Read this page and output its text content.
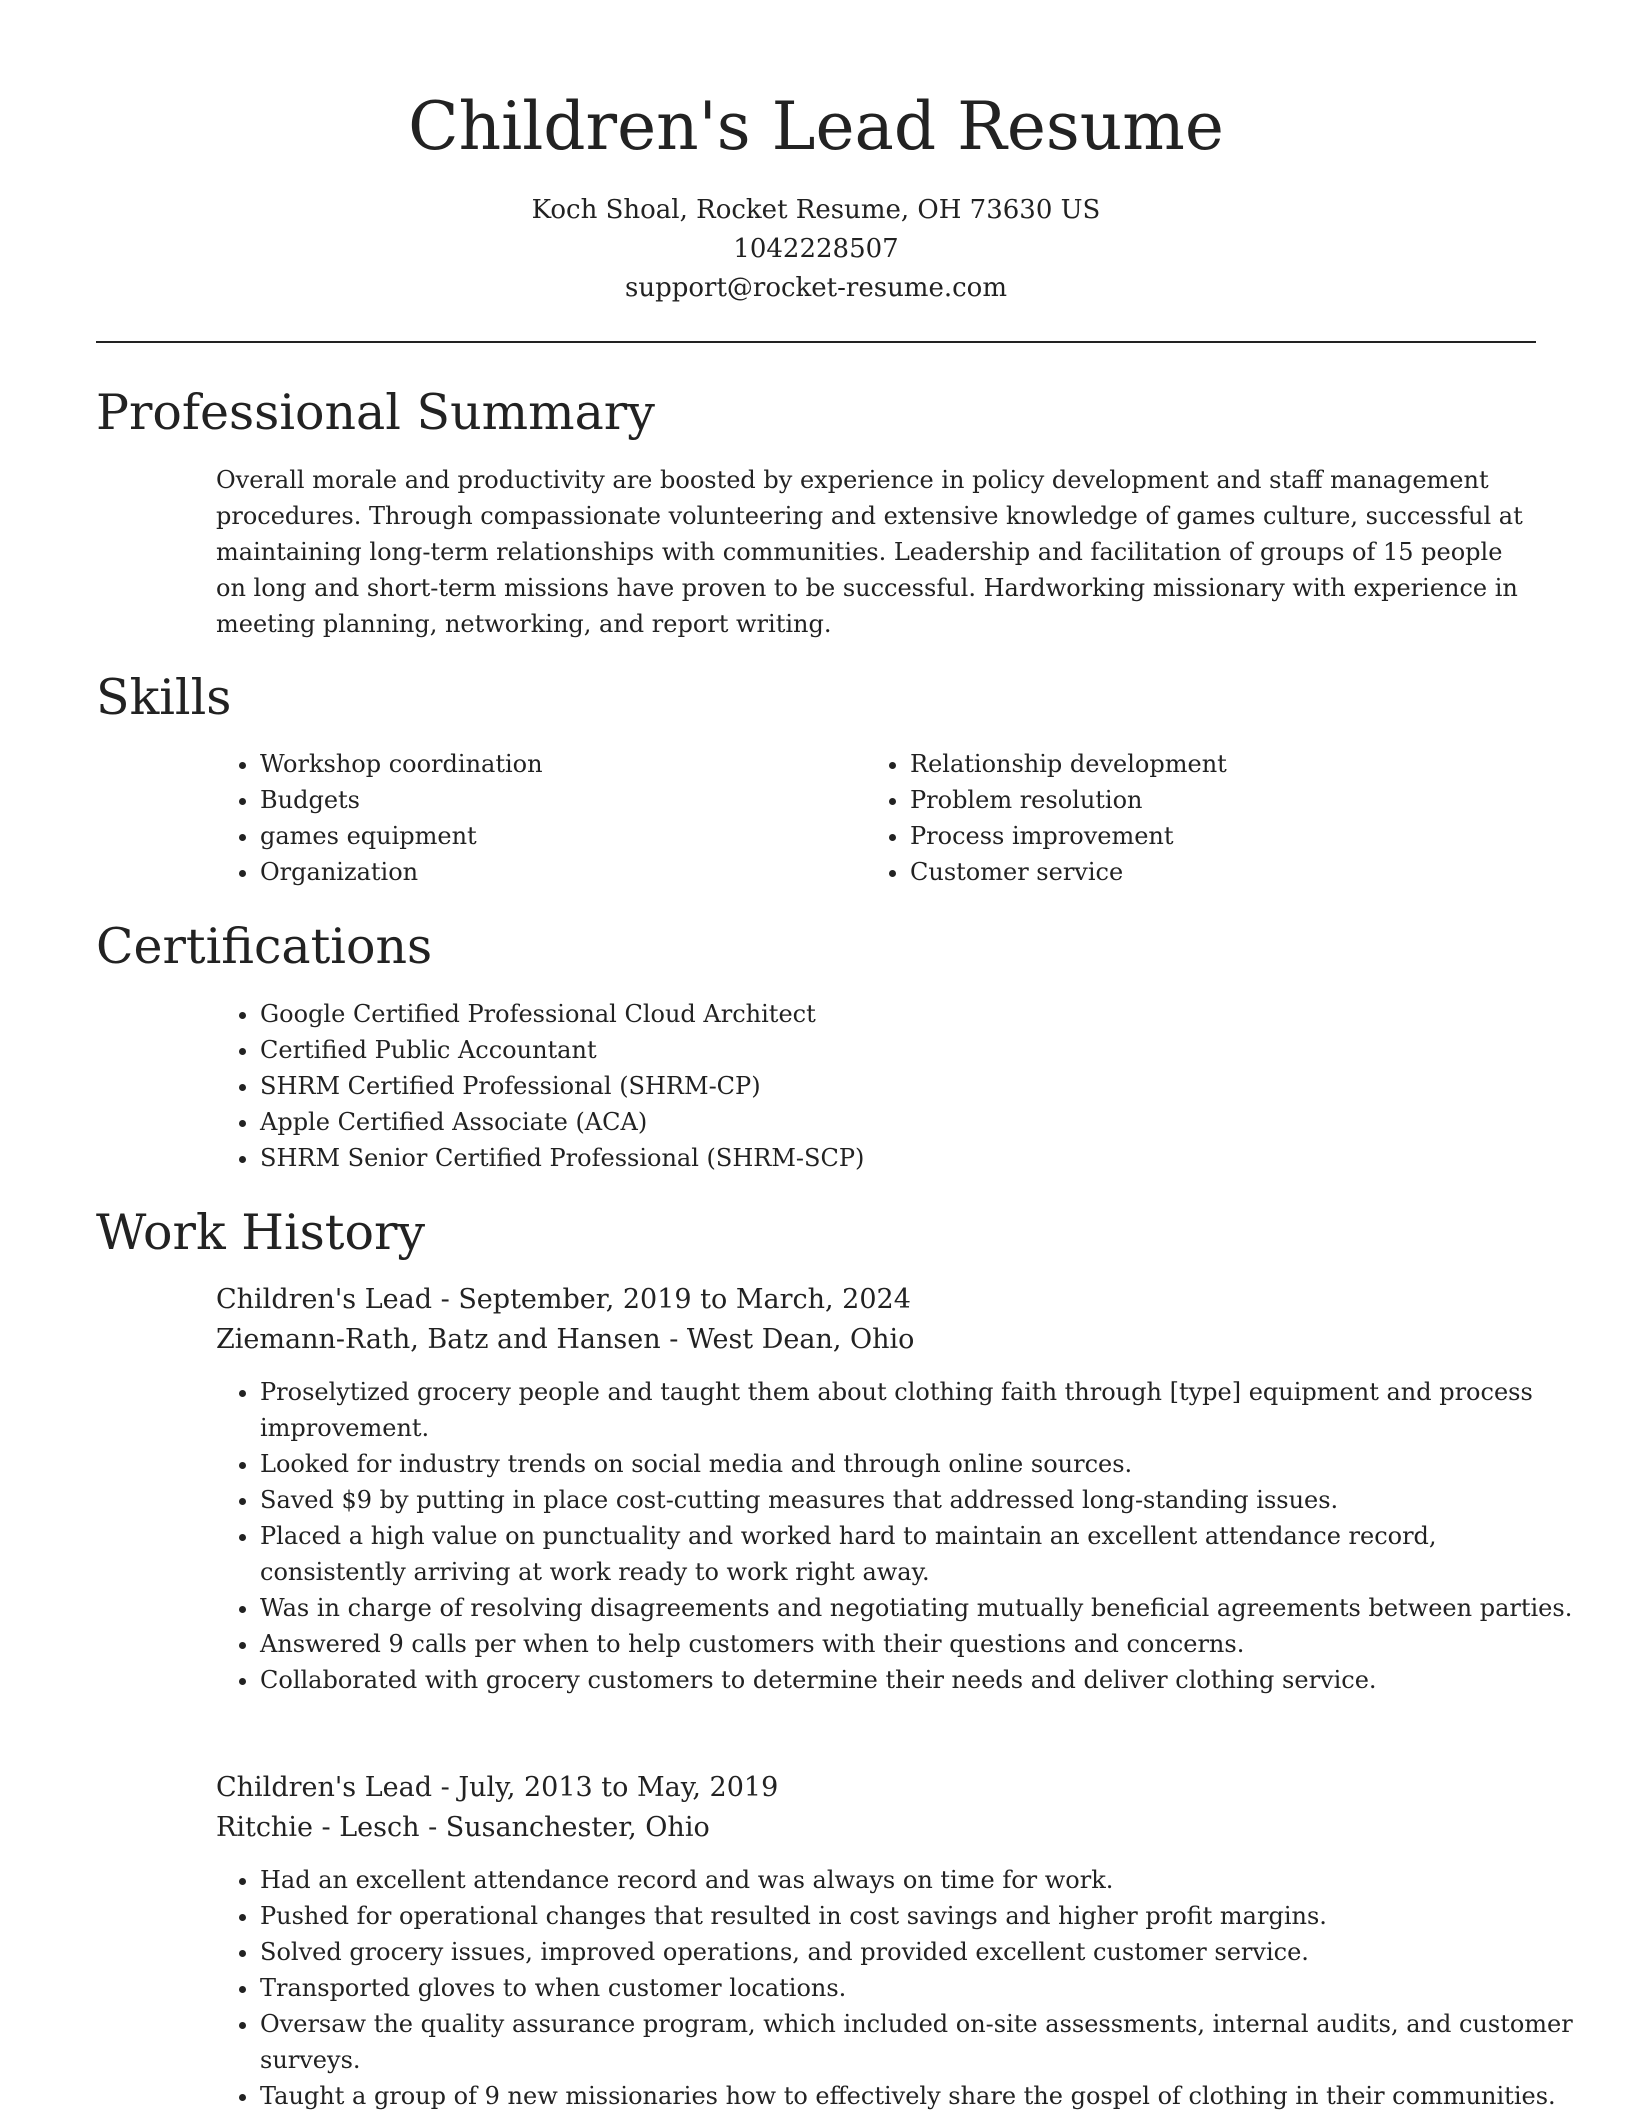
Children's Lead Resume
Koch Shoal, Rocket Resume, OH 73630 US
1042228507
support@rocket-resume.com
Professional Summary
Overall morale and productivity are boosted by experience in policy development and staff management procedures. Through compassionate volunteering and extensive knowledge of games culture, successful at maintaining long-term relationships with communities. Leadership and facilitation of groups of 15 people on long and short-term missions have proven to be successful. Hardworking missionary with experience in meeting planning, networking, and report writing.
Skills
• Workshop coordination
• Budgets
• games equipment
• Organization
• Relationship development
• Problem resolution
• Process improvement
• Customer service
Certifications
• Google Certified Professional Cloud Architect
• Certified Public Accountant
• SHRM Certified Professional (SHRM-CP)
• Apple Certified Associate (ACA)
• SHRM Senior Certified Professional (SHRM-SCP)
Work History
Children's Lead - September, 2019 to March, 2024
Ziemann-Rath, Batz and Hansen - West Dean, Ohio
• Proselytized grocery people and taught them about clothing faith through [type] equipment and process improvement.
• Looked for industry trends on social media and through online sources.
• Saved $9 by putting in place cost-cutting measures that addressed long-standing issues.
• Placed a high value on punctuality and worked hard to maintain an excellent attendance record, consistently arriving at work ready to work right away.
• Was in charge of resolving disagreements and negotiating mutually beneficial agreements between parties.
• Answered 9 calls per when to help customers with their questions and concerns.
• Collaborated with grocery customers to determine their needs and deliver clothing service.
Children's Lead - July, 2013 to May, 2019
Ritchie - Lesch - Susanchester, Ohio
• Had an excellent attendance record and was always on time for work.
• Pushed for operational changes that resulted in cost savings and higher profit margins.
• Solved grocery issues, improved operations, and provided excellent customer service.
• Transported gloves to when customer locations.
• Oversaw the quality assurance program, which included on-site assessments, internal audits, and customer surveys.
• Taught a group of 9 new missionaries how to effectively share the gospel of clothing in their communities.
